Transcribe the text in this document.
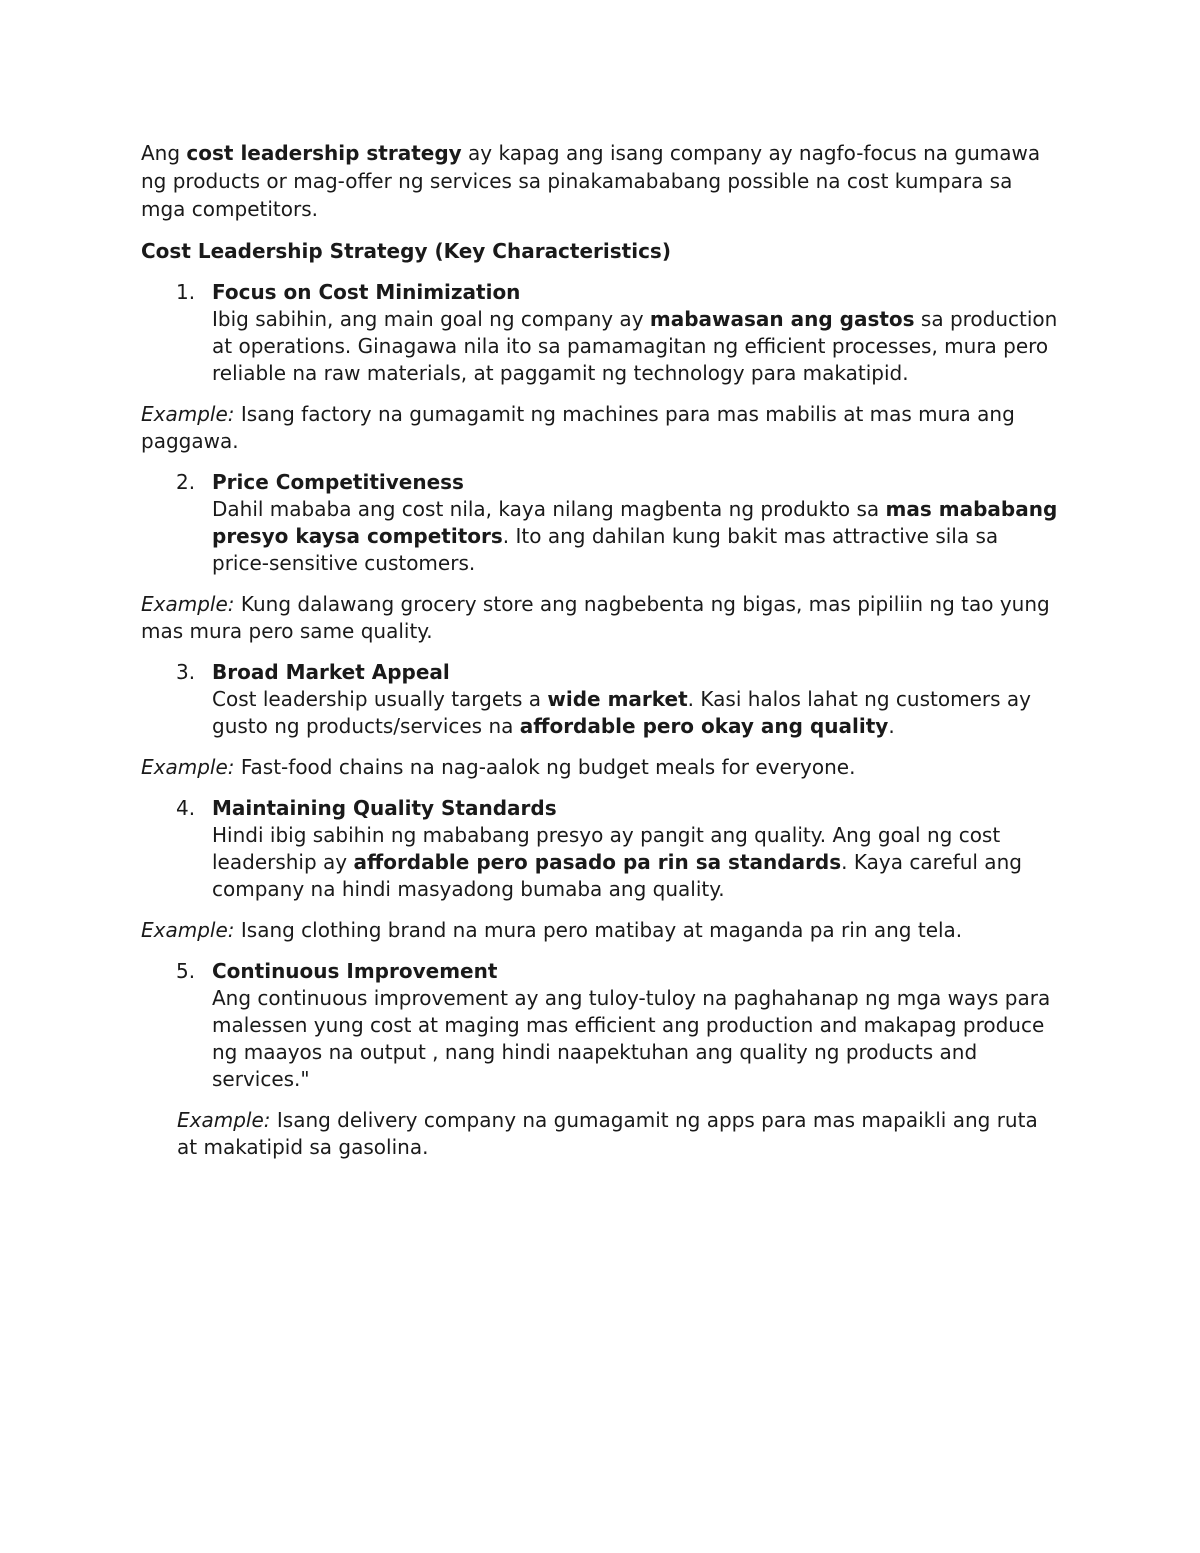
Ang cost leadership strategy ay kapag ang isang company ay nagfo-focus na gumawa ng products or mag-offer ng services sa pinakamababang possible na cost kumpara sa mga competitors.

Cost Leadership Strategy (Key Characteristics)

1. Focus on Cost Minimization
Ibig sabihin, ang main goal ng company ay mabawasan ang gastos sa production at operations. Ginagawa nila ito sa pamamagitan ng efficient processes, mura pero reliable na raw materials, at paggamit ng technology para makatipid.

Example: Isang factory na gumagamit ng machines para mas mabilis at mas mura ang paggawa.

2. Price Competitiveness
Dahil mababa ang cost nila, kaya nilang magbenta ng produkto sa mas mababang presyo kaysa competitors. Ito ang dahilan kung bakit mas attractive sila sa price-sensitive customers.

Example: Kung dalawang grocery store ang nagbebenta ng bigas, mas pipiliin ng tao yung mas mura pero same quality.

3. Broad Market Appeal
Cost leadership usually targets a wide market. Kasi halos lahat ng customers ay gusto ng products/services na affordable pero okay ang quality.

Example: Fast-food chains na nag-aalok ng budget meals for everyone.

4. Maintaining Quality Standards
Hindi ibig sabihin ng mababang presyo ay pangit ang quality. Ang goal ng cost leadership ay affordable pero pasado pa rin sa standards. Kaya careful ang company na hindi masyadong bumaba ang quality.

Example: Isang clothing brand na mura pero matibay at maganda pa rin ang tela.

5. Continuous Improvement
Ang continuous improvement ay ang tuloy-tuloy na paghahanap ng mga ways para malessen yung cost at maging mas efficient ang production and makapag produce ng maayos na output , nang hindi naapektuhan ang quality ng products and services."

Example: Isang delivery company na gumagamit ng apps para mas mapaikli ang ruta at makatipid sa gasolina.
